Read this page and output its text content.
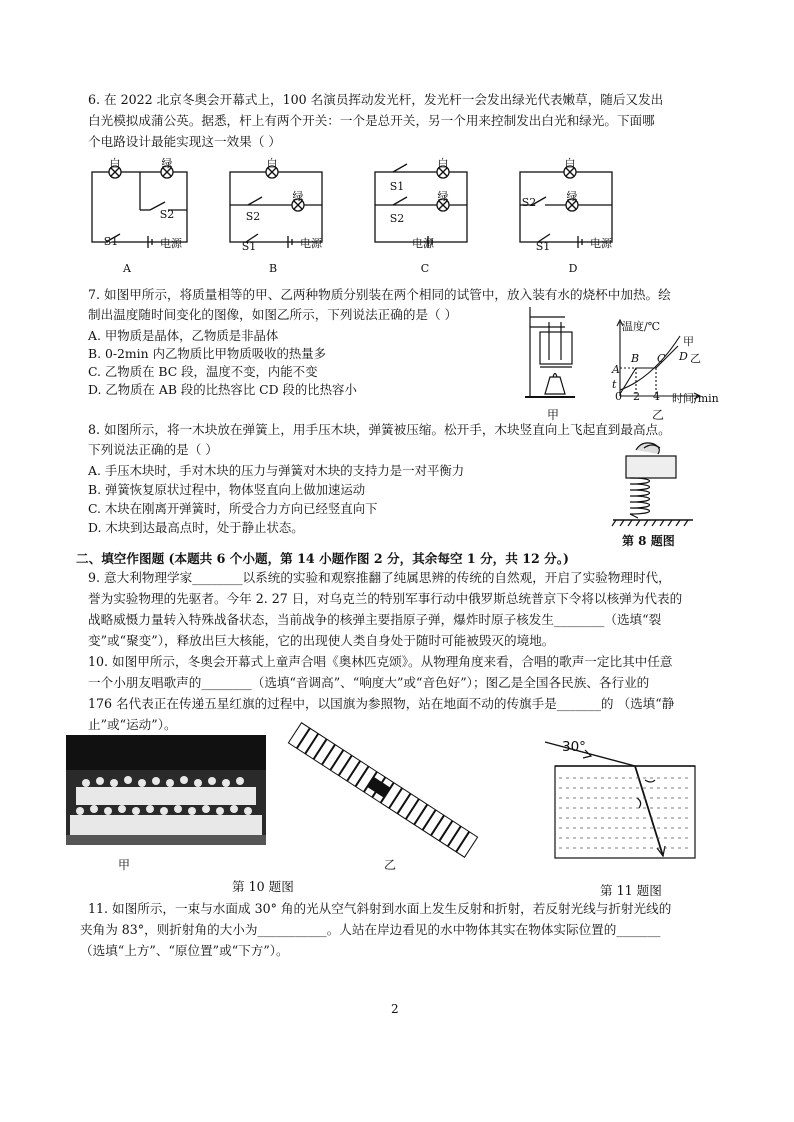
6. 在 2022 北京冬奥会开幕式上，100 名演员挥动发光杆，发光杆一会发出绿光代表嫩草，随后又发出
白光模拟成蒲公英。据悉，杆上有两个开关：一个是总开关，另一个用来控制发出白光和绿光。下面哪
个电路设计最能实现这一效果（ ）
白	绿
S2
S1	电源
A
白
绿
S2
S1	电源
B
白
绿
S1
S2
电源
C
白
绿
S2
S1	电源
D
7. 如图甲所示，将质量相等的甲、乙两种物质分别装在两个相同的试管中，放入装有水的烧杯中加热。绘
制出温度随时间变化的图像，如图乙所示，下列说法正确的是（ ）
A. 甲物质是晶体，乙物质是非晶体
B. 0-2min 内乙物质比甲物质吸收的热量多
C. 乙物质在 BC 段，温度不变，内能不变
D. 乙物质在 AB 段的比热容比 CD 段的比热容小
甲
温度/℃
甲
乙
D
C
B
A
t
0 2 4 时间/min
乙
8. 如图所示，将一木块放在弹簧上，用手压木块，弹簧被压缩。松开手，木块竖直向上飞起直到最高点。
下列说法正确的是（ ）
A. 手压木块时，手对木块的压力与弹簧对木块的支持力是一对平衡力
B. 弹簧恢复原状过程中，物体竖直向上做加速运动
C. 木块在刚离开弹簧时，所受合力方向已经竖直向下
D. 木块到达最高点时，处于静止状态。
第 8 题图
二、填空作图题 (本题共 6 个小题，第 14 小题作图 2 分，其余每空 1 分，共 12 分。)
9. 意大利物理学家________以系统的实验和观察推翻了纯属思辨的传统的自然观，开启了实验物理时代，
誉为实验物理的先驱者。今年 2. 27 日，对乌克兰的特别军事行动中俄罗斯总统普京下令将以核弹为代表的
战略威慑力量转入特殊战备状态，当前战争的核弹主要指原子弹，爆炸时原子核发生________（选填“裂
变”或“聚变”），释放出巨大核能，它的出现使人类自身处于随时可能被毁灭的境地。
10. 如图甲所示，冬奥会开幕式上童声合唱《奥林匹克颂》。从物理角度来看，合唱的歌声一定比其中任意
一个小朋友唱歌声的________（选填“音调高”、“响度大”或“音色好”）；图乙是全国各民族、各行业的
176 名代表正在传递五星红旗的过程中，以国旗为参照物，站在地面不动的传旗手是_______的 （选填“静
止”或“运动”）。
甲	乙
第 10 题图
30°
第 11 题图
11. 如图所示，一束与水面成 30° 角的光从空气斜射到水面上发生反射和折射，若反射光线与折射光线的
夹角为 83°，则折射角的大小为___________。人站在岸边看见的水中物体其实在物体实际位置的_______
（选填“上方”、“原位置”或“下方”）。
2
